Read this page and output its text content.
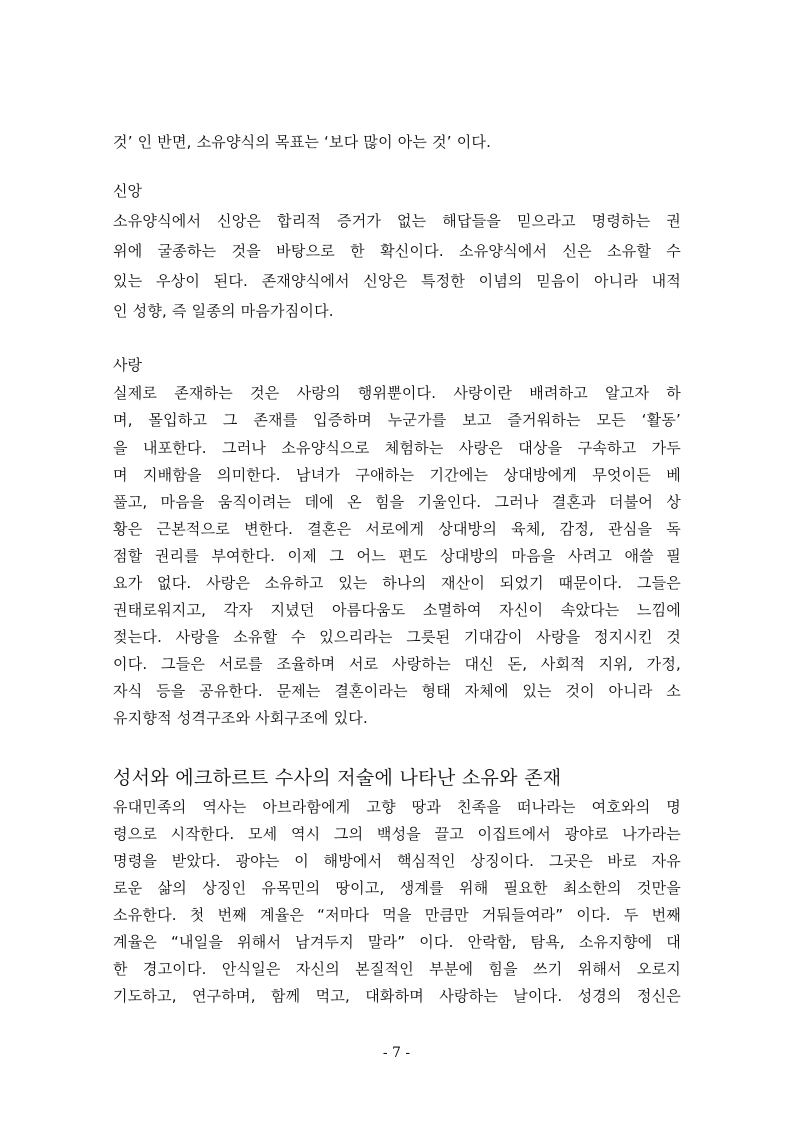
것’ 인 반면, 소유양식의 목표는 ‘보다 많이 아는 것’ 이다.
신앙
소유양식에서 신앙은 합리적 증거가 없는 해답들을 믿으라고 명령하는 권
위에 굴종하는 것을 바탕으로 한 확신이다. 소유양식에서 신은 소유할 수
있는 우상이 된다. 존재양식에서 신앙은 특정한 이념의 믿음이 아니라 내적
인 성향, 즉 일종의 마음가짐이다.
사랑
실제로 존재하는 것은 사랑의 행위뿐이다. 사랑이란 배려하고 알고자 하
며, 몰입하고 그 존재를 입증하며 누군가를 보고 즐거워하는 모든 ‘활동’
을 내포한다. 그러나 소유양식으로 체험하는 사랑은 대상을 구속하고 가두
며 지배함을 의미한다. 남녀가 구애하는 기간에는 상대방에게 무엇이든 베
풀고, 마음을 움직이려는 데에 온 힘을 기울인다. 그러나 결혼과 더불어 상
황은 근본적으로 변한다. 결혼은 서로에게 상대방의 육체, 감정, 관심을 독
점할 권리를 부여한다. 이제 그 어느 편도 상대방의 마음을 사려고 애쓸 필
요가 없다. 사랑은 소유하고 있는 하나의 재산이 되었기 때문이다. 그들은
권태로워지고, 각자 지녔던 아름다움도 소멸하여 자신이 속았다는 느낌에
젖는다. 사랑을 소유할 수 있으리라는 그릇된 기대감이 사랑을 정지시킨 것
이다. 그들은 서로를 조율하며 서로 사랑하는 대신 돈, 사회적 지위, 가정,
자식 등을 공유한다. 문제는 결혼이라는 형태 자체에 있는 것이 아니라 소
유지향적 성격구조와 사회구조에 있다.
성서와 에크하르트 수사의 저술에 나타난 소유와 존재
유대민족의 역사는 아브라함에게 고향 땅과 친족을 떠나라는 여호와의 명
령으로 시작한다. 모세 역시 그의 백성을 끌고 이집트에서 광야로 나가라는
명령을 받았다. 광야는 이 해방에서 핵심적인 상징이다. 그곳은 바로 자유
로운 삶의 상징인 유목민의 땅이고, 생계를 위해 필요한 최소한의 것만을
소유한다. 첫 번째 계율은 “저마다 먹을 만큼만 거둬들여라” 이다. 두 번째
계율은 “내일을 위해서 남겨두지 말라” 이다. 안락함, 탐욕, 소유지향에 대
한 경고이다. 안식일은 자신의 본질적인 부분에 힘을 쓰기 위해서 오로지
기도하고, 연구하며, 함께 먹고, 대화하며 사랑하는 날이다. 성경의 정신은
- 7 -
